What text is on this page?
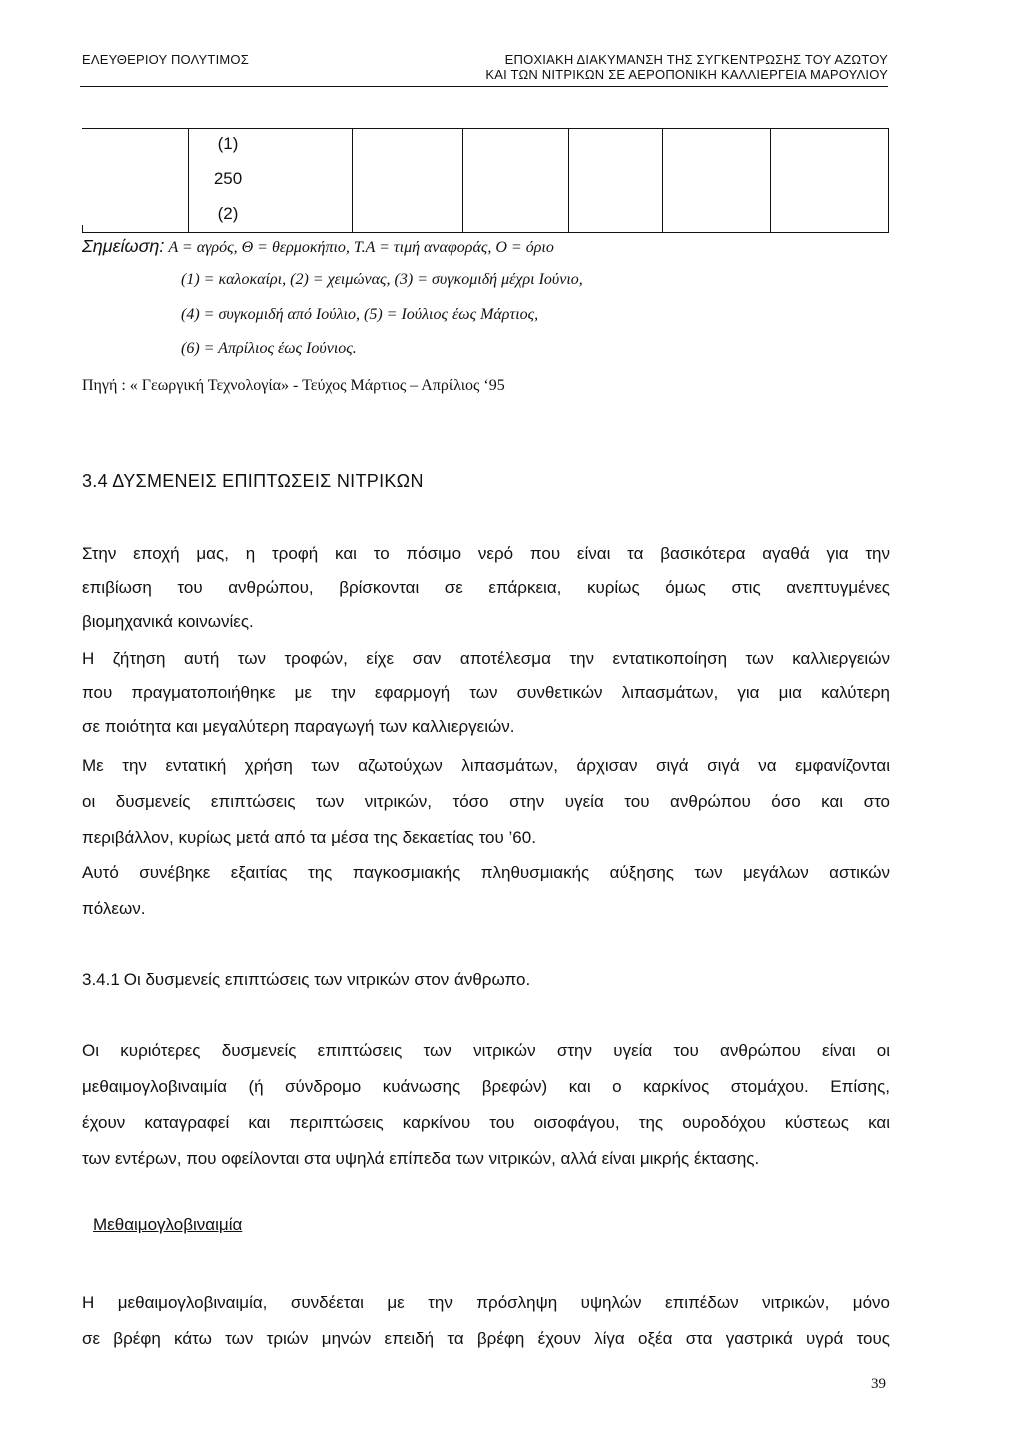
ΕΛΕΥΘΕΡΙΟΥ ΠΟΛΥΤΙΜΟΣ	ΕΠΟΧΙΑΚΗ ΔΙΑΚΥΜΑΝΣΗ ΤΗΣ ΣΥΓΚΕΝΤΡΩΣΗΣ ΤΟΥ ΑΖΩΤΟΥ
ΚΑΙ ΤΩΝ ΝΙΤΡΙΚΩΝ ΣΕ ΑΕΡΟΠΟΝΙΚΗ ΚΑΛΛΙΕΡΓΕΙΑ ΜΑΡΟΥΛΙΟΥ
(1)
250
(2)
Σημείωση: Α = αγρός, Θ = θερμοκήπιο, Τ.Α = τιμή αναφοράς, Ο = όριο
(1) = καλοκαίρι, (2) = χειμώνας, (3) = συγκομιδή μέχρι Ιούνιο,
(4) = συγκομιδή από Ιούλιο, (5) = Ιούλιος έως Μάρτιος,
(6) = Απρίλιος έως Ιούνιος.
Πηγή : « Γεωργική Τεχνολογία» - Τεύχος Μάρτιος – Απρίλιος ‘95
3.4 ΔΥΣΜΕΝΕΙΣ ΕΠΙΠΤΩΣΕΙΣ ΝΙΤΡΙΚΩΝ
Στην εποχή μας, η τροφή και το πόσιμο νερό που είναι τα βασικότερα αγαθά για την
επιβίωση του ανθρώπου, βρίσκονται σε επάρκεια, κυρίως όμως στις ανεπτυγμένες
βιομηχανικά κοινωνίες.
Η ζήτηση αυτή των τροφών, είχε σαν αποτέλεσμα την εντατικοποίηση των καλλιεργειών
που πραγματοποιήθηκε με την εφαρμογή των συνθετικών λιπασμάτων, για μια καλύτερη
σε ποιότητα και μεγαλύτερη παραγωγή των καλλιεργειών.
Με την εντατική χρήση των αζωτούχων λιπασμάτων, άρχισαν σιγά σιγά να εμφανίζονται
οι δυσμενείς επιπτώσεις των νιτρικών, τόσο στην υγεία του ανθρώπου όσο και στο
περιβάλλον, κυρίως μετά από τα μέσα της δεκαετίας του ’60.
Αυτό συνέβηκε εξαιτίας της παγκοσμιακής πληθυσμιακής αύξησης των μεγάλων αστικών
πόλεων.
3.4.1 Οι δυσμενείς επιπτώσεις των νιτρικών στον άνθρωπο.
Οι κυριότερες δυσμενείς επιπτώσεις των νιτρικών στην υγεία του ανθρώπου είναι οι
μεθαιμογλοβιναιμία (ή σύνδρομο κυάνωσης βρεφών) και ο καρκίνος στομάχου. Επίσης,
έχουν καταγραφεί και περιπτώσεις καρκίνου του οισοφάγου, της ουροδόχου κύστεως και
των εντέρων, που οφείλονται στα υψηλά επίπεδα των νιτρικών, αλλά είναι μικρής έκτασης.
Μεθαιμογλοβιναιμία
Η μεθαιμογλοβιναιμία, συνδέεται με την πρόσληψη υψηλών επιπέδων νιτρικών, μόνο
σε βρέφη κάτω των τριών μηνών επειδή τα βρέφη έχουν λίγα οξέα στα γαστρικά υγρά τους
39
